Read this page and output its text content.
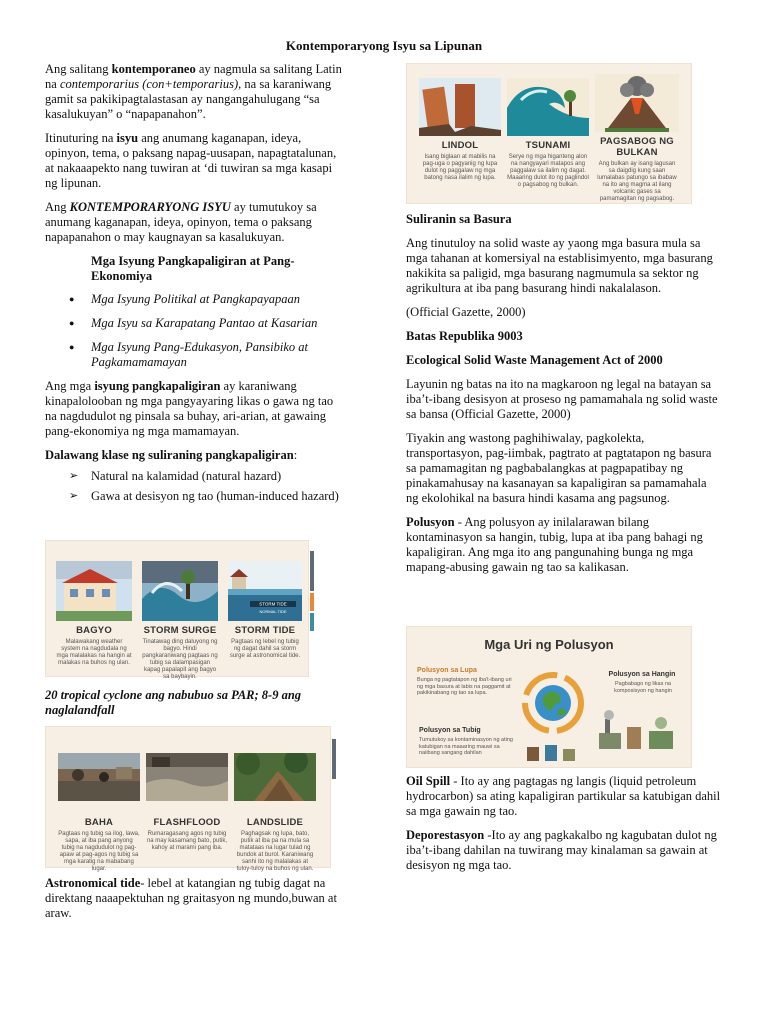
Kontemporaryong Isyu sa Lipunan

Ang salitang kontemporaneo ay nagmula sa salitang Latin na contemporarius (con+temporarius), na sa karaniwang gamit sa pakikipagtalastasan ay nangangahulugang “sa kasalukuyan” o “napapanahon”.

Itinuturing na isyu ang anumang kaganapan, ideya, opinyon, tema, o paksang napag-uusapan, napagtatalunan, at nakaaapekto nang tuwiran at ‘di tuwiran sa mga kasapi ng lipunan.

Ang KONTEMPORARYONG ISYU ay tumutukoy sa anumang kaganapan, ideya, opinyon, tema o paksang napapanahon o may kaugnayan sa kasalukuyan.

Mga Isyung Pangkapaligiran at Pang-Ekonomiya

● Mga Isyung Politikal at Pangkapayapaan
● Mga Isyu sa Karapatang Pantao at Kasarian
● Mga Isyung Pang-Edukasyon, Pansibiko at Pagkamamamayan

Ang mga isyung pangkapaligiran ay karaniwang kinapalolooban ng mga pangyayaring likas o gawa ng tao na nagdudulot ng pinsala sa buhay, ari-arian, at gawaing pang-ekonomiya ng mga mamamayan.

Dalawang klase ng suliraning pangkapaligiran:

➢ Natural na kalamidad (natural hazard)
➢ Gawa at desisyon ng tao (human-induced hazard)
BAGYO
Malawakang weather system na nagdudala ng mga malalakas na hangin at malakas na buhos ng ulan.
STORM SURGE
Tinatawag ding daluyong ng bagyo. Hindi pangkaraniwang pagtaas ng tubig sa dalampasigan kapag papalapit ang bagyo sa baybayin.
STORM TIDE
NORMAL TIDE
STORM TIDE
Pagtaas ng lebel ng tubig ng dagat dahil sa storm surge at astronomical tide.

20 tropical cyclone ang nabubuo sa PAR; 8-9 ang naglalandfall

BAHA
Pagtaas ng tubig sa ilog, lawa, sapa, at iba pang anyong tubig na nagdudulot ng pag-apaw at pag-agos ng tubig sa mga karatig na mababang lugar.
FLASHFLOOD
Rumaragasang agos ng tubig na may kasamang bato, putik, kahoy at marami pang iba.
LANDSLIDE
Paghagsak ng lupa, bato, putik at iba pa na mula sa matataas na lugar tulad ng bundok at burol. Karaniwang sanhi ito ng malalakas at tuloy-tuloy na buhos ng ulan.

Astronomical tide- lebel at katangian ng tubig dagat na direktang naaapektuhan ng graitasyon ng mundo,buwan at araw.

LINDOL
Isang biglaan at mabilis na pag-uga o pagyanig ng lupa dulot ng paggalaw ng mga batong nasa ilalim ng lupa.
TSUNAMI
Serye ng mga higanteng alon na nangyayari matapos ang paggalaw sa ilalim ng dagat. Maaaring dulot ito ng paglindol o pagsabog ng bulkan.
PAGSABOG NG BULKAN
Ang bulkan ay isang lagusan sa daigdig kung saan lumalabas patungo sa ibabaw na ito ang magma at ilang volcanic gases sa pamamagitan ng pagsabog.

Suliranin sa Basura

Ang tinutuloy na solid waste ay yaong mga basura mula sa mga tahanan at komersiyal na establisimyento, mga basurang nakikita sa paligid, mga basurang nagmumula sa sektor ng agrikultura at iba pang basurang hindi nakalalason.

(Official Gazette, 2000)

Batas Republika 9003

Ecological Solid Waste Management Act of 2000

Layunin ng batas na ito na magkaroon ng legal na batayan sa iba’t-ibang desisyon at proseso ng pamamahala ng solid waste sa bansa (Official Gazette, 2000)

Tiyakin ang wastong paghihiwalay, pagkolekta, transportasyon, pag-iimbak, pagtrato at pagtatapon ng basura sa pamamagitan ng pagbabalangkas at pagpapatibay ng pinakamahusay na kasanayan sa kapaligiran sa pamamahala ng ekolohikal na basura hindi kasama ang pagsunog.

Polusyon - Ang polusyon ay inilalarawan bilang kontaminasyon sa hangin, tubig, lupa at iba pang bahagi ng kapaligiran. Ang mga ito ang pangunahing bunga ng mga mapang-abusing gawain ng tao sa kalikasan.

Mga Uri ng Polusyon
Polusyon sa Lupa
Bunga ng pagtatapon ng iba't-ibang uri ng mga basura at labis na paggamit at pakikinabang ng tao sa lupa.
Polusyon sa Hangin
Pagbabago ng likas na komposisyon ng hangin
Polusyon sa Tubig
Tumutukoy sa kontaminasyon ng ating katubigan na maaaring mauwi sa naiibang sangang dahilan

Oil Spill - Ito ay ang pagtagas ng langis (liquid petroleum hydrocarbon) sa ating kapaligiran partikular sa katubigan dahil sa mga gawain ng tao.

Deporestasyon -Ito ay ang pagkakalbo ng kagubatan dulot ng iba’t-ibang dahilan na tuwirang may kinalaman sa gawain at desisyon ng mga tao.
